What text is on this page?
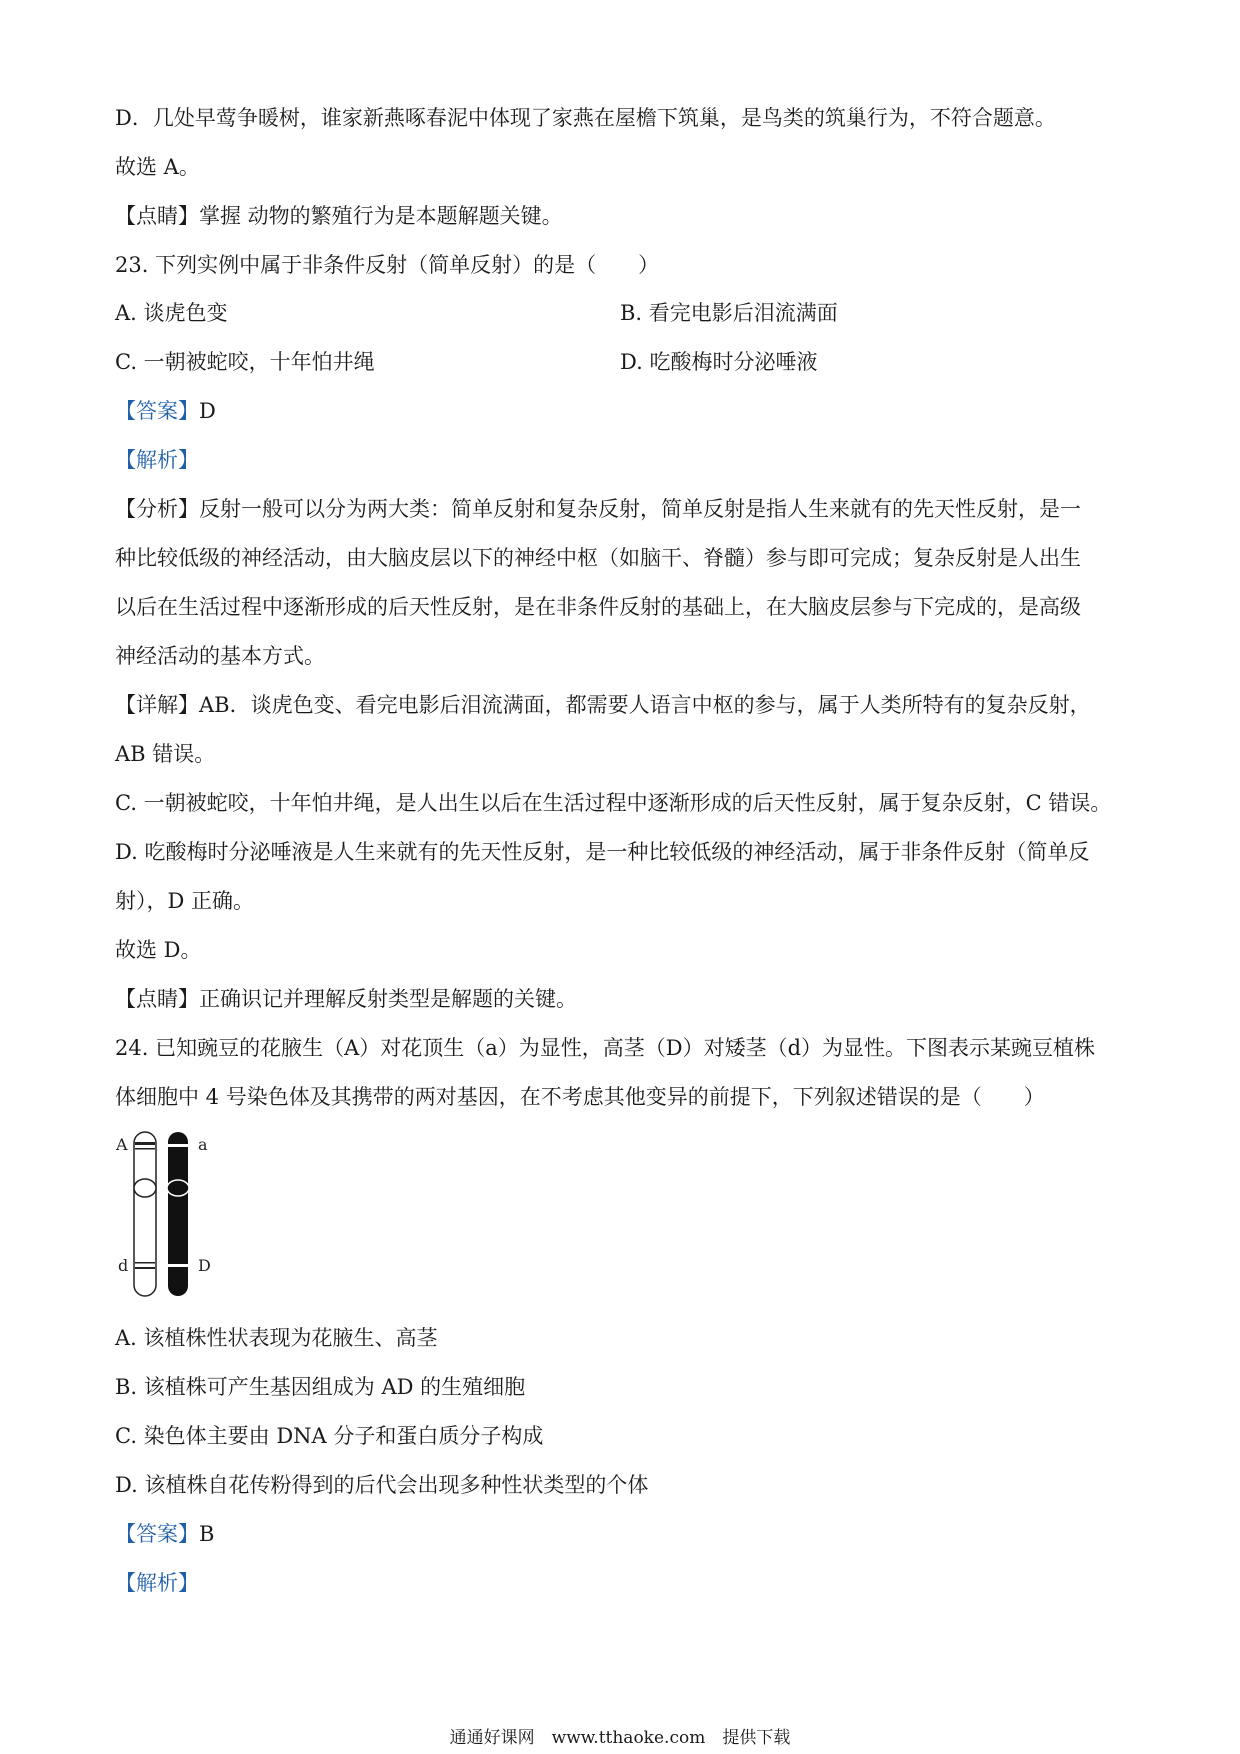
D．几处早莺争暖树，谁家新燕啄春泥中体现了家燕在屋檐下筑巢，是鸟类的筑巢行为，不符合题意。
故选 A。
【点睛】掌握 动物的繁殖行为是本题解题关键。
23. 下列实例中属于非条件反射（简单反射）的是（　　）
A. 谈虎色变	B. 看完电影后泪流满面
C. 一朝被蛇咬，十年怕井绳	D. 吃酸梅时分泌唾液
【答案】D
【解析】
【分析】反射一般可以分为两大类：简单反射和复杂反射，简单反射是指人生来就有的先天性反射，是一
种比较低级的神经活动，由大脑皮层以下的神经中枢（如脑干、脊髓）参与即可完成；复杂反射是人出生
以后在生活过程中逐渐形成的后天性反射，是在非条件反射的基础上，在大脑皮层参与下完成的，是高级
神经活动的基本方式。
【详解】AB．谈虎色变、看完电影后泪流满面，都需要人语言中枢的参与，属于人类所特有的复杂反射，
AB 错误。
C. 一朝被蛇咬，十年怕井绳，是人出生以后在生活过程中逐渐形成的后天性反射，属于复杂反射，C 错误。
D. 吃酸梅时分泌唾液是人生来就有的先天性反射，是一种比较低级的神经活动，属于非条件反射（简单反
射），D 正确。
故选 D。
【点睛】正确识记并理解反射类型是解题的关键。
24. 已知豌豆的花腋生（A）对花顶生（a）为显性，高茎（D）对矮茎（d）为显性。下图表示某豌豆植株
体细胞中 4 号染色体及其携带的两对基因，在不考虑其他变异的前提下，下列叙述错误的是（　　）
A	a
d	D
A. 该植株性状表现为花腋生、高茎
B. 该植株可产生基因组成为 AD 的生殖细胞
C. 染色体主要由 DNA 分子和蛋白质分子构成
D. 该植株自花传粉得到的后代会出现多种性状类型的个体
【答案】B
【解析】
通通好课网　www.tthaoke.com　提供下载
